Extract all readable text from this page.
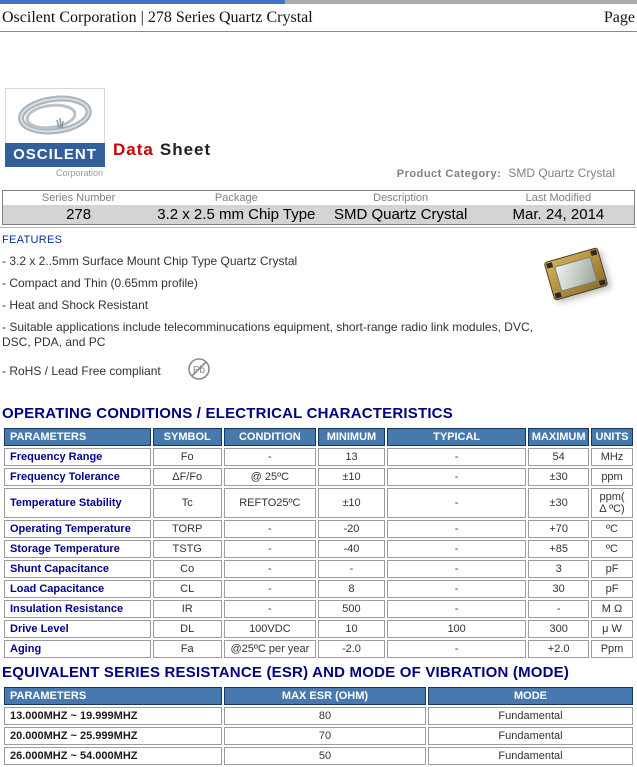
Oscilent Corporation | 278 Series Quartz Crystal	Page
OSCILENT
Corporation
Data Sheet
Product Category: SMD Quartz Crystal
Series Number	Package	Description	Last Modified
278	3.2 x 2.5 mm Chip Type	SMD Quartz Crystal	Mar. 24, 2014
FEATURES
- 3.2 x 2..5mm Surface Mount Chip Type Quartz Crystal
- Compact and Thin (0.65mm profile)
- Heat and Shock Resistant
- Suitable applications include telecomminucations equipment, short-range radio link modules, DVC, DSC, PDA, and PC
- RoHS / Lead Free compliant	Pb
OPERATING CONDITIONS / ELECTRICAL CHARACTERISTICS
PARAMETERS	SYMBOL	CONDITION	MINIMUM	TYPICAL	MAXIMUM	UNITS
Frequency Range	Fo	-	13	-	54	MHz
Frequency Tolerance	ΔF/Fo	@ 25ºC	±10	-	±30	ppm
Temperature Stability	Tc	REFTO25ºC	±10	-	±30	ppm( Δ ºC)
Operating Temperature	TORP	-	-20	-	+70	ºC
Storage Temperature	TSTG	-	-40	-	+85	ºC
Shunt Capacitance	Co	-	-	-	3	pF
Load Capacitance	CL	-	8	-	30	pF
Insulation Resistance	IR	-	500	-	-	M Ω
Drive Level	DL	100VDC	10	100	300	μ W
Aging	Fa	@25ºC per year	-2.0	-	+2.0	Ppm
EQUIVALENT SERIES RESISTANCE (ESR) AND MODE OF VIBRATION (MODE)
PARAMETERS	MAX ESR (OHM)	MODE
13.000MHZ ~ 19.999MHZ	80	Fundamental
20.000MHZ ~ 25.999MHZ	70	Fundamental
26.000MHZ ~ 54.000MHZ	50	Fundamental
